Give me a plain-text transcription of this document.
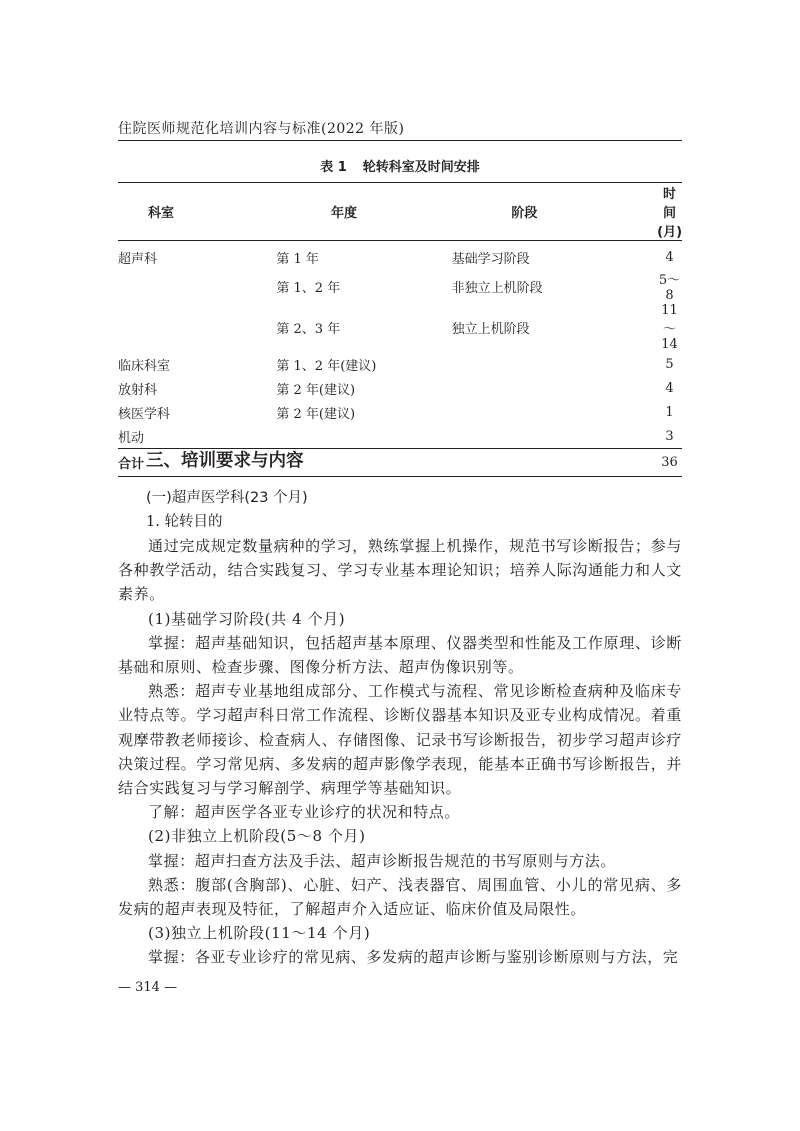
住院医师规范化培训内容与标准(2022 年版)
表 1 轮转科室及时间安排
科室	年度	阶段	时间(月)
超声科	第 1 年	基础学习阶段	4
	第 1、2 年	非独立上机阶段	5～8
	第 2、3 年	独立上机阶段	11～14
临床科室	第 1、2 年(建议)		5
放射科	第 2 年(建议)		4
核医学科	第 2 年(建议)		1
机动			3
合计			36
三、培训要求与内容
(一)超声医学科(23 个月)
1. 轮转目的

通过完成规定数量病种的学习，熟练掌握上机操作，规范书写诊断报告；参与各种教学活动，结合实践复习、学习专业基本理论知识；培养人际沟通能力和人文素养。

(1)基础学习阶段(共 4 个月)

掌握：超声基础知识，包括超声基本原理、仪器类型和性能及工作原理、诊断基础和原则、检查步骤、图像分析方法、超声伪像识别等。

熟悉：超声专业基地组成部分、工作模式与流程、常见诊断检查病种及临床专业特点等。学习超声科日常工作流程、诊断仪器基本知识及亚专业构成情况。着重观摩带教老师接诊、检查病人、存储图像、记录书写诊断报告，初步学习超声诊疗决策过程。学习常见病、多发病的超声影像学表现，能基本正确书写诊断报告，并结合实践复习与学习解剖学、病理学等基础知识。

了解：超声医学各亚专业诊疗的状况和特点。

(2)非独立上机阶段(5～8 个月)

掌握：超声扫查方法及手法、超声诊断报告规范的书写原则与方法。

熟悉：腹部(含胸部)、心脏、妇产、浅表器官、周围血管、小儿的常见病、多发病的超声表现及特征，了解超声介入适应证、临床价值及局限性。

(3)独立上机阶段(11～14 个月)

掌握：各亚专业诊疗的常见病、多发病的超声诊断与鉴别诊断原则与方法，完

— 314 —
